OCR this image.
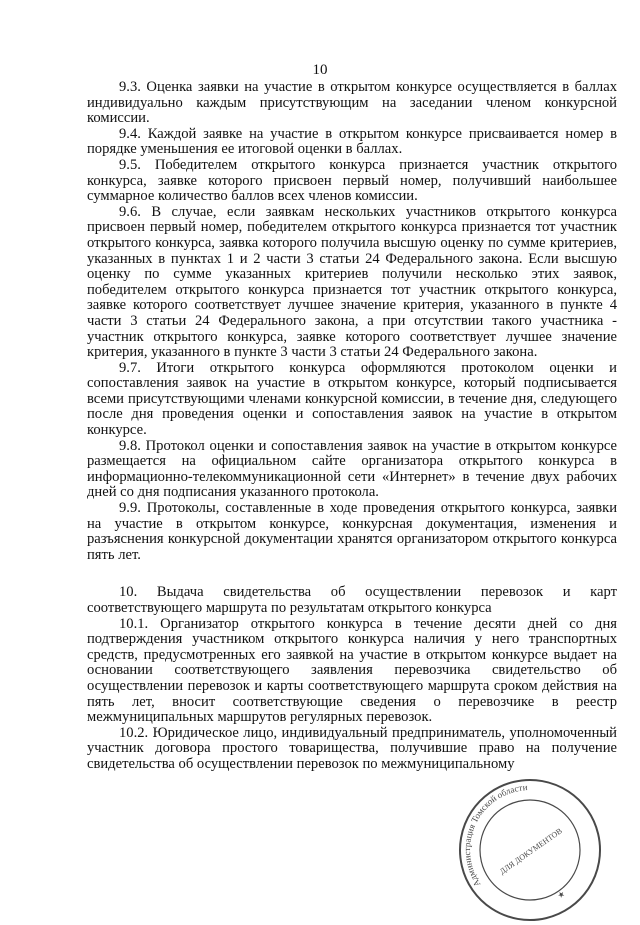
10

9.3. Оценка заявки на участие в открытом конкурсе осуществляется в баллах индивидуально каждым присутствующим на заседании членом конкурсной комиссии.

9.4. Каждой заявке на участие в открытом конкурсе присваивается номер в порядке уменьшения ее итоговой оценки в баллах.

9.5. Победителем открытого конкурса признается участник открытого конкурса, заявке которого присвоен первый номер, получивший наибольшее суммарное количество баллов всех членов комиссии.

9.6. В случае, если заявкам нескольких участников открытого конкурса присвоен первый номер, победителем открытого конкурса признается тот участник открытого конкурса, заявка которого получила высшую оценку по сумме критериев, указанных в пунктах 1 и 2 части 3 статьи 24 Федерального закона. Если высшую оценку по сумме указанных критериев получили несколько этих заявок, победителем открытого конкурса признается тот участник открытого конкурса, заявке которого соответствует лучшее значение критерия, указанного в пункте 4 части 3 статьи 24 Федерального закона, а при отсутствии такого участника - участник открытого конкурса, заявке которого соответствует лучшее значение критерия, указанного в пункте 3 части 3 статьи 24 Федерального закона.

9.7. Итоги открытого конкурса оформляются протоколом оценки и сопоставления заявок на участие в открытом конкурсе, который подписывается всеми присутствующими членами конкурсной комиссии, в течение дня, следующего после дня проведения оценки и сопоставления заявок на участие в открытом конкурсе.

9.8. Протокол оценки и сопоставления заявок на участие в открытом конкурсе размещается на официальном сайте организатора открытого конкурса в информационно-телекоммуникационной сети «Интернет» в течение двух рабочих дней со дня подписания указанного протокола.

9.9. Протоколы, составленные в ходе проведения открытого конкурса, заявки на участие в открытом конкурсе, конкурсная документация, изменения и разъяснения конкурсной документации хранятся организатором открытого конкурса пять лет.

10. Выдача свидетельства об осуществлении перевозок и карт соответствующего маршрута по результатам открытого конкурса

10.1. Организатор открытого конкурса в течение десяти дней со дня подтверждения участником открытого конкурса наличия у него транспортных средств, предусмотренных его заявкой на участие в открытом конкурсе выдает на основании соответствующего заявления перевозчика свидетельство об осуществлении перевозок и карты соответствующего маршрута сроком действия на пять лет, вносит соответствующие сведения о перевозчике в реестр межмуниципальных маршрутов регулярных перевозок.

10.2. Юридическое лицо, индивидуальный предприниматель, уполномоченный участник договора простого товарищества, получившие право на получение свидетельства об осуществлении перевозок по межмуниципальному

Администрация Томской области
ДЛЯ ДОКУМЕНТОВ
★
